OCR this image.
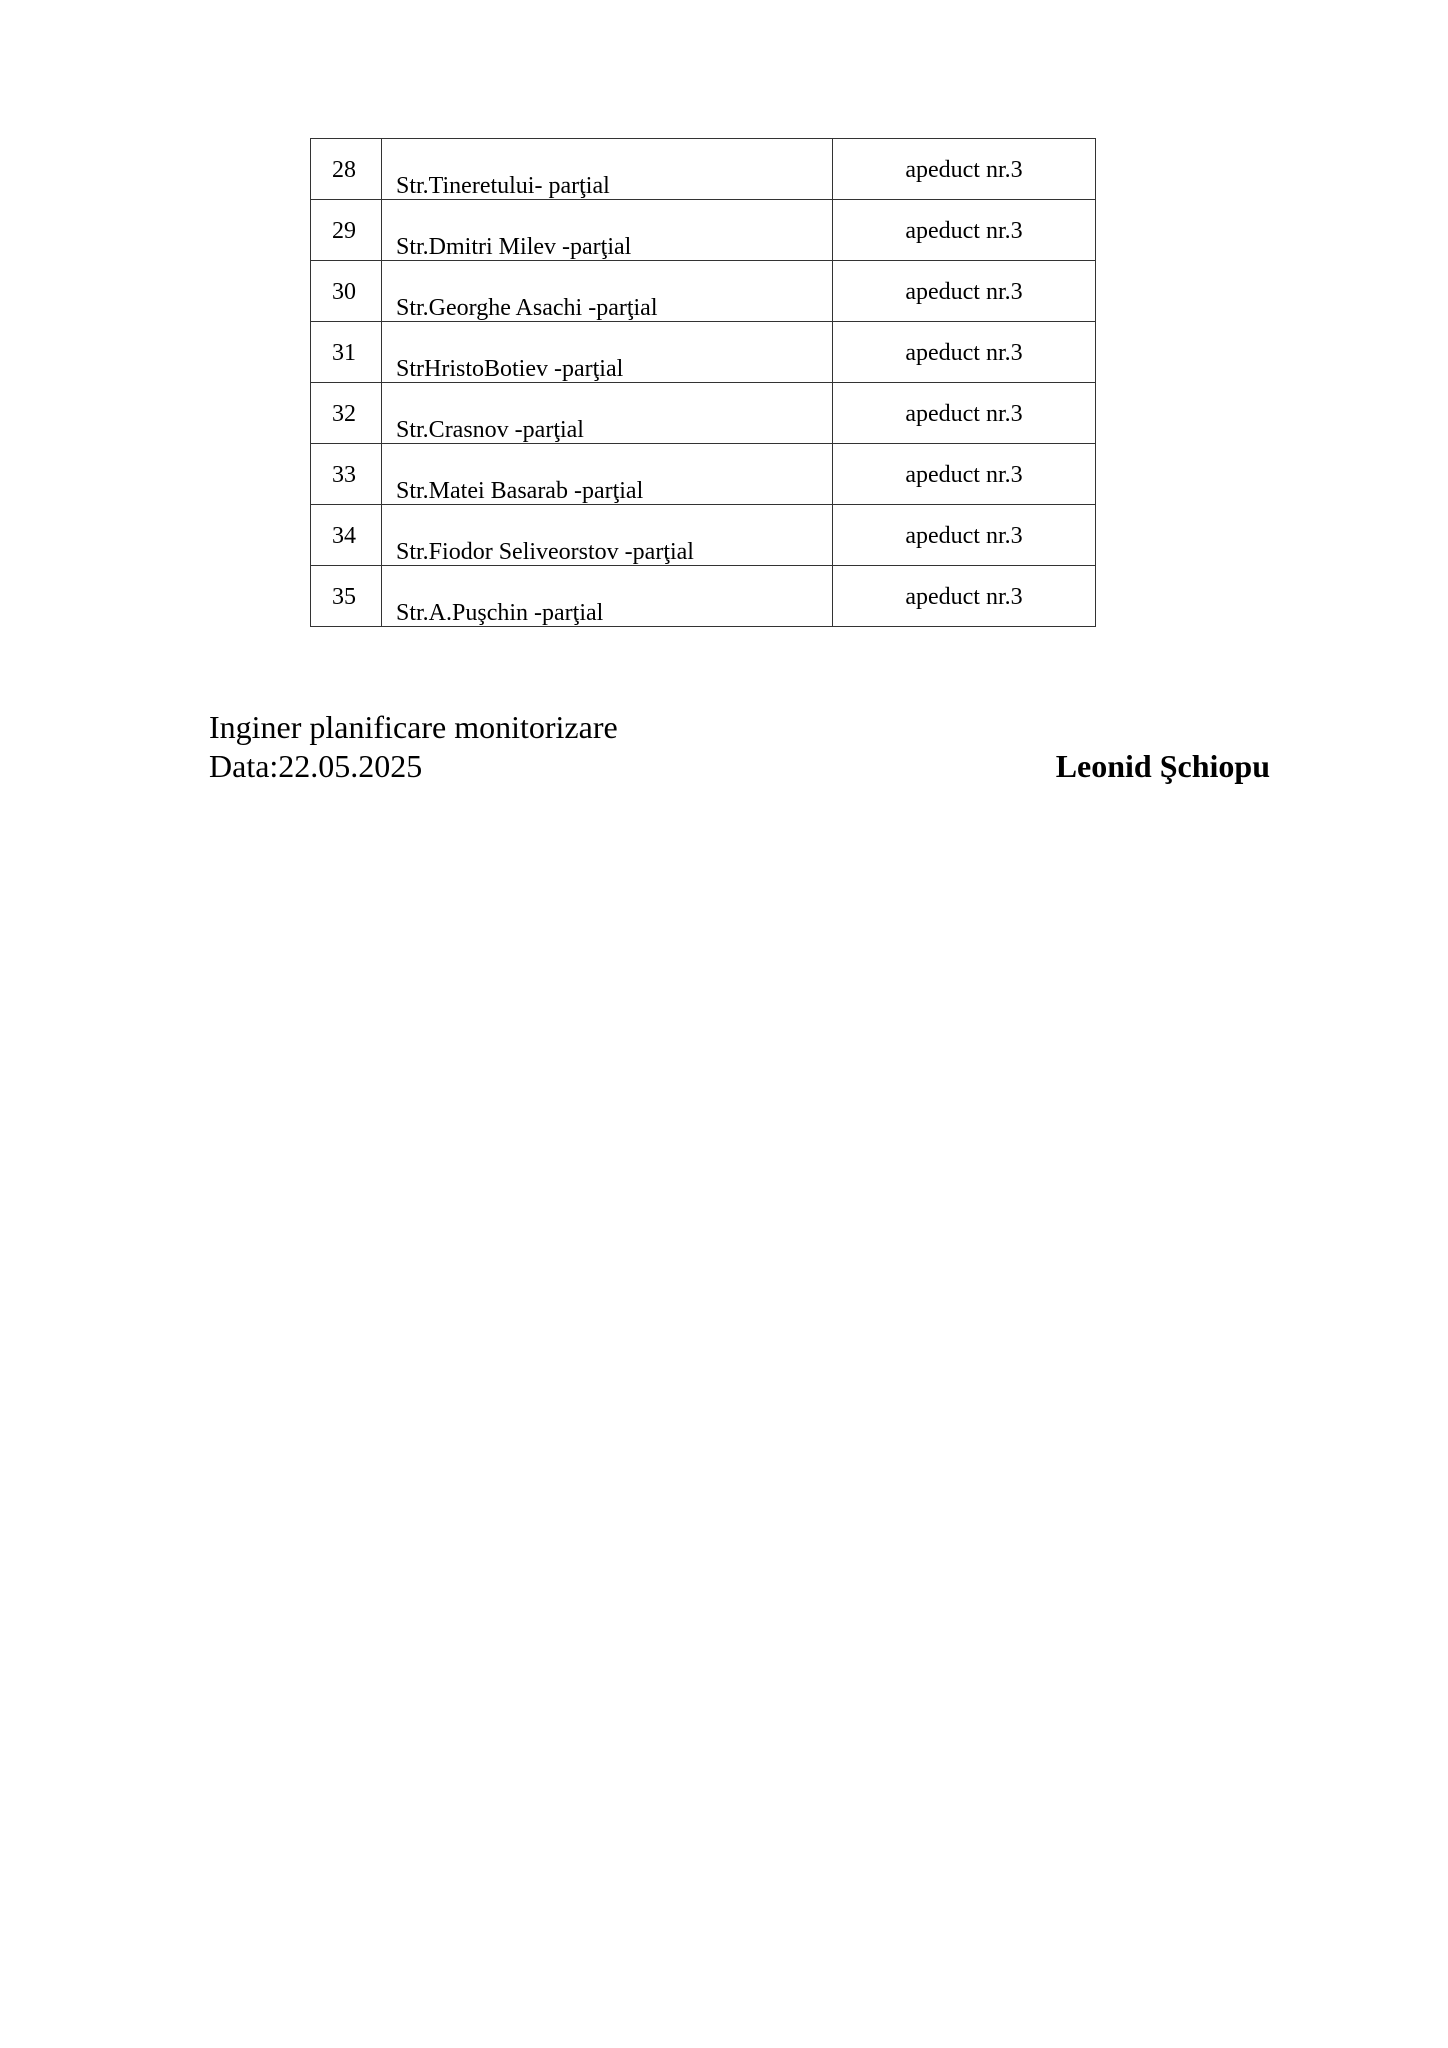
28	Str.Tineretului- parţial	apeduct nr.3

29	Str.Dmitri Milev -parţial	apeduct nr.3

30	Str.Georghe Asachi -parţial	apeduct nr.3

31	StrHristoBotiev -parţial	apeduct nr.3

32	Str.Crasnov -parţial	apeduct nr.3

33	Str.Matei Basarab -parţial	apeduct nr.3

34	Str.Fiodor Seliveorstov -parţial	apeduct nr.3

35	Str.A.Puşchin -parţial	apeduct nr.3
Inginer planificare monitorizare
Data:22.05.2025	Leonid Şchiopu
